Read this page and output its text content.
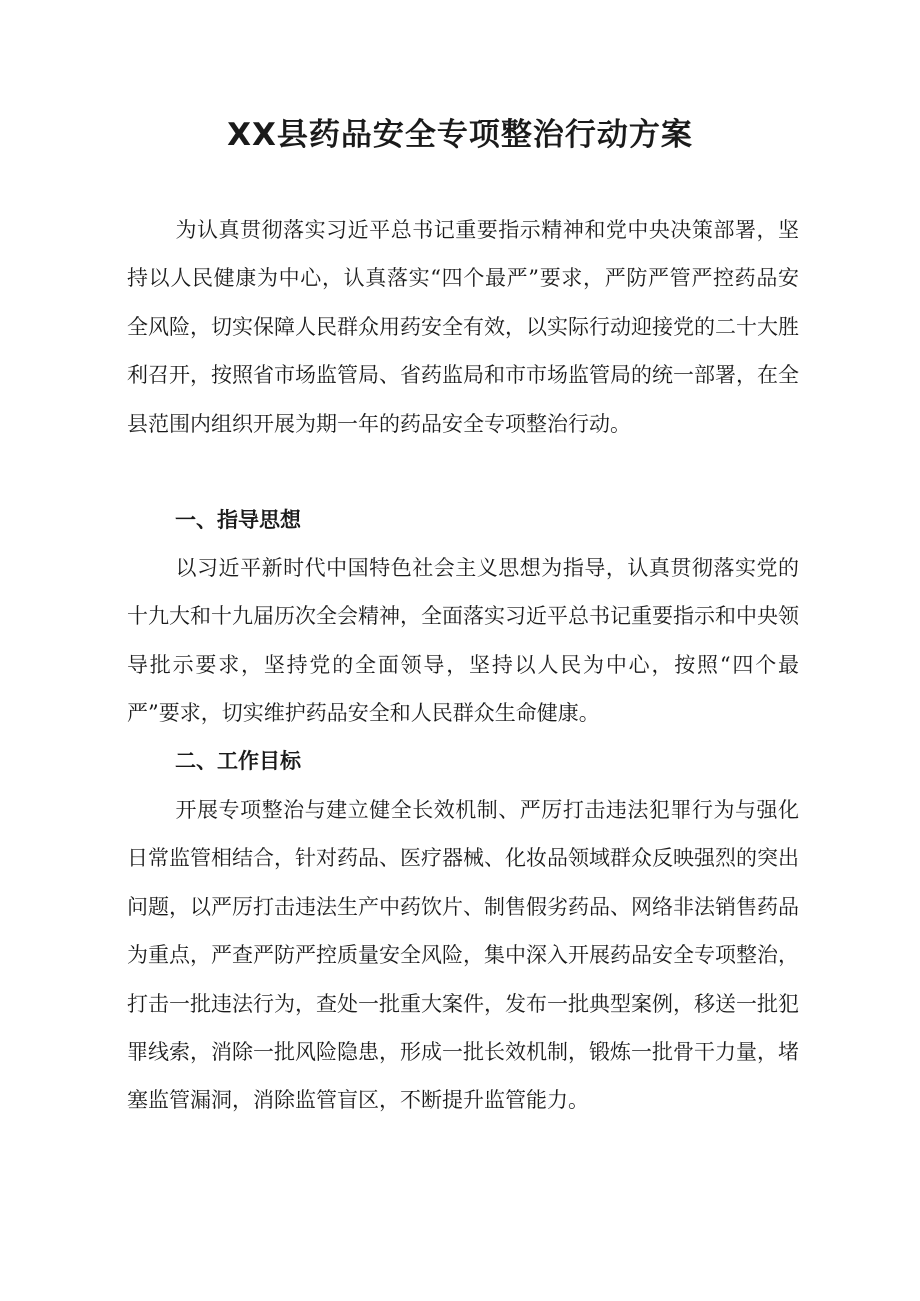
XX县药品安全专项整治行动方案

为认真贯彻落实习近平总书记重要指示精神和党中央决策部署，坚持以人民健康为中心，认真落实“四个最严”要求，严防严管严控药品安全风险，切实保障人民群众用药安全有效，以实际行动迎接党的二十大胜利召开，按照省市场监管局、省药监局和市市场监管局的统一部署，在全县范围内组织开展为期一年的药品安全专项整治行动。

一、指导思想

以习近平新时代中国特色社会主义思想为指导，认真贯彻落实党的十九大和十九届历次全会精神，全面落实习近平总书记重要指示和中央领导批示要求，坚持党的全面领导，坚持以人民为中心，按照“四个最严”要求，切实维护药品安全和人民群众生命健康。

二、工作目标

开展专项整治与建立健全长效机制、严厉打击违法犯罪行为与强化日常监管相结合，针对药品、医疗器械、化妆品领域群众反映强烈的突出问题，以严厉打击违法生产中药饮片、制售假劣药品、网络非法销售药品为重点，严查严防严控质量安全风险，集中深入开展药品安全专项整治，打击一批违法行为，查处一批重大案件，发布一批典型案例，移送一批犯罪线索，消除一批风险隐患，形成一批长效机制，锻炼一批骨干力量，堵塞监管漏洞，消除监管盲区，不断提升监管能力。
